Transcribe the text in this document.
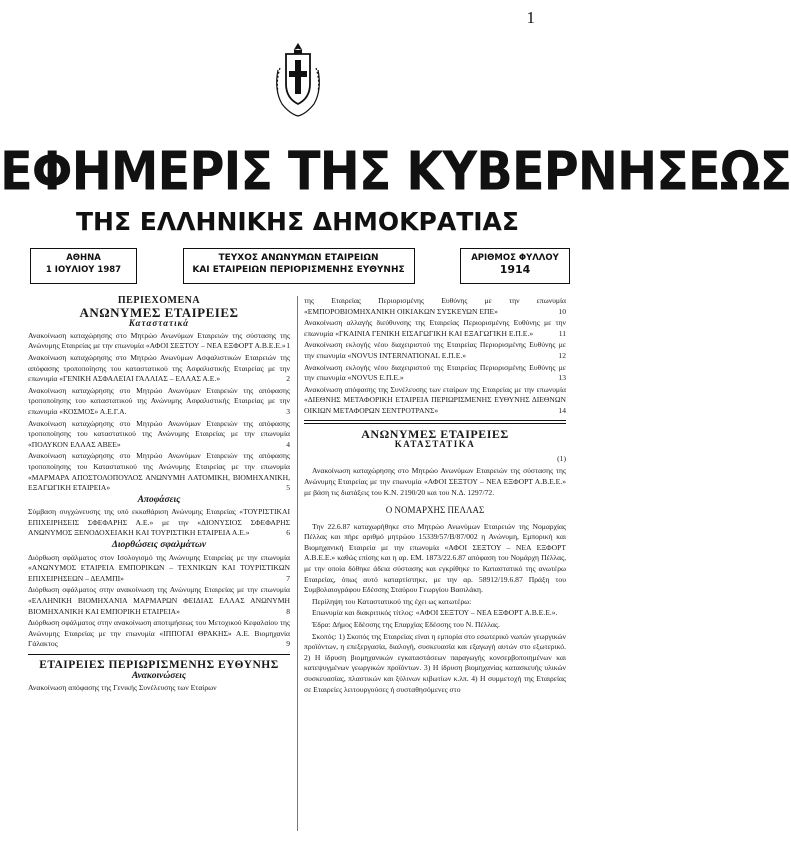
1
ΕΦΗΜΕΡΙΣ ΤΗΣ ΚΥΒΕΡΝΗΣΕΩΣ
ΤΗΣ ΕΛΛΗΝΙΚΗΣ ΔΗΜΟΚΡΑΤΙΑΣ
ΑΘΗΝΑ
1 ΙΟΥΛΙΟΥ 1987
ΤΕΥΧΟΣ ΑΝΩΝΥΜΩΝ ΕΤΑΙΡΕΙΩΝ
ΚΑΙ ΕΤΑΙΡΕΙΩΝ ΠΕΡΙΟΡΙΣΜΕΝΗΣ ΕΥΘΥΝΗΣ
ΑΡΙΘΜΟΣ ΦΥΛΛΟΥ
1914
ΠΕΡΙΕΧΟΜΕΝΑ
ΑΝΩΝΥΜΕΣ ΕΤΑΙΡΕΙΕΣ
Καταστατικά
Ανακοίνωση καταχώρησης στο Μητρώο Ανωνύμων Εταιρειών της σύστασης της Ανώνυμης Εταιρείας με την επωνυμία «ΑΦΟΙ ΣΕΞΤΟΥ – ΝΕΑ ΕΞΦΟΡΤ Α.Β.Ε.Ε.» 1
Ανακοίνωση καταχώρησης στο Μητρώο Ανωνύμων Ασφαλιστικών Εταιρειών της απόφασης τροποποίησης του καταστατικού της Ασφαλιστικής Εταιρείας με την επωνυμία «ΓΕΝΙΚΗ ΑΣΦΑΛΕΙΑΙ ΓΑΛΛΙΑΣ – ΕΛΛΑΣ Α.Ε.»	2
Ανακοίνωση καταχώρησης στο Μητρώο Ανωνύμων Εταιρειών της απόφασης τροποποίησης του καταστατικού της Ανώνυμης Ασφαλιστικής Εταιρείας με την επωνυμία «ΚΟΣΜΟΣ» Α.Ε.Γ.Α.	3
Ανακοίνωση καταχώρησης στο Μητρώο Ανωνύμων Εταιρειών της απόφασης τροποποίησης του καταστατικού της Ανώνυμης Εταιρείας με την επωνυμία «ΠΟΛΥΚΟΝ ΕΛΛΑΣ ΑΒΕΕ»	4
Ανακοίνωση καταχώρησης στο Μητρώο Ανωνύμων Εταιρειών της απόφασης τροποποίησης του Καταστατικού της Ανώνυμης Εταιρείας με την επωνυμία «ΜΑΡΜΑΡΑ ΑΠΟΣΤΟΛΟΠΟΥΛΟΣ ΑΝΩΝΥΜΗ ΛΑΤΟΜΙΚΗ, ΒΙΟΜΗΧΑΝΙΚΗ, ΕΞΑΓΩΓΙΚΗ ΕΤΑΙΡΕΙΑ»	5
Αποφάσεις
Σύμβαση συγχώνευσης της υπό εκκαθάριση Ανώνυμης Εταιρείας «ΤΟΥΡΙΣΤΙΚΑΙ ΕΠΙΧΕΙΡΗΣΕΙΣ ΣΦΕΦΑΡΗΣ Α.Ε.» με την «ΔΙΟΝΥΣΙΟΣ ΣΦΕΦΑΡΗΣ ΑΝΩΝΥΜΟΣ ΞΕΝΟΔΟΧΕΙΑΚΗ ΚΑΙ ΤΟΥΡΙΣΤΙΚΗ ΕΤΑΙΡΕΙΑ Α.Ε.»	6
Διορθώσεις σφαλμάτων
Διόρθωση σφάλματος στον Ισολογισμό της Ανώνυμης Εταιρείας με την επωνυμία «ΑΝΩΝΥΜΟΣ ΕΤΑΙΡΕΙΑ ΕΜΠΟΡΙΚΩΝ – ΤΕΧΝΙΚΩΝ ΚΑΙ ΤΟΥΡΙΣΤΙΚΩΝ ΕΠΙΧΕΙΡΗΣΕΩΝ – ΔΕΛΜΠΙ»	7
Διόρθωση σφάλματος στην ανακοίνωση της Ανώνυμης Εταιρείας με την επωνυμία «ΕΛΛΗΝΙΚΗ ΒΙΟΜΗΧΑΝΙΑ ΜΑΡΜΑΡΩΝ ΦΕΙΔΙΑΣ ΕΛΛΑΣ ΑΝΩΝΥΜΗ ΒΙΟΜΗΧΑΝΙΚΗ ΚΑΙ ΕΜΠΟΡΙΚΗ ΕΤΑΙΡΕΙΑ»	8
Διόρθωση σφάλματος στην ανακοίνωση αποτιμήσεως του Μετοχικού Κεφαλαίου της Ανώνυμης Εταιρείας με την επωνυμία «ΙΠΠΟΓΑΙ ΘΡΑΚΗΣ» Α.Ε. Βιομηχανία Γάλακτος	9
ΕΤΑΙΡΕΙΕΣ ΠΕΡΙΩΡΙΣΜΕΝΗΣ ΕΥΘΥΝΗΣ
Ανακοινώσεις
Ανακοίνωση απόφασης της Γενικής Συνέλευσης των Εταίρων
της Εταιρείας Περιορισμένης Ευθύνης με την επωνυμία «ΕΜΠΟΡΟΒΙΟΜΗΧΑΝΙΚΗ ΟΙΚΙΑΚΩΝ ΣΥΣΚΕΥΩΝ ΕΠΕ»	10
Ανακοίνωση αλλαγής διεύθυνσης της Εταιρείας Περιορισμένης Ευθύνης με την επωνυμία «ΓΚΑΙΝΙΑ ΓΕΝΙΚΗ ΕΙΣΑΓΩΓΙΚΗ ΚΑΙ ΕΞΑΓΩΓΙΚΗ Ε.Π.Ε.»	11
Ανακοίνωση εκλογής νέου διαχειριστού της Εταιρείας Περιορισμένης Ευθύνης με την επωνυμία «NOVUS INTERNATIONAL Ε.Π.Ε.»	12
Ανακοίνωση εκλογής νέου διαχειριστού της Εταιρείας Περιορισμένης Ευθύνης με την επωνυμία «NOVUS Ε.Π.Ε.»	13
Ανακοίνωση απόφασης της Συνέλευσης των εταίρων της Εταιρείας με την επωνυμία «ΔΙΕΘΝΗΣ ΜΕΤΑΦΟΡΙΚΗ ΕΤΑΙΡΕΙΑ ΠΕΡΙΩΡΙΣΜΕΝΗΣ ΕΥΘΥΝΗΣ ΔΙΕΘΝΩΝ ΟΙΚΙΩΝ ΜΕΤΑΦΟΡΩΝ ΣΕΝΤΡΟΤΡΑΝΣ»	14
ΑΝΩΝΥΜΕΣ ΕΤΑΙΡΕΙΕΣ
ΚΑΤΑΣΤΑΤΙΚΑ
(1)
Ανακοίνωση καταχώρησης στο Μητρώο Ανωνύμων Εταιρειών της σύστασης της Ανώνυμης Εταιρείας με την επωνυμία «ΑΦΟΙ ΣΕΞΤΟΥ – ΝΕΑ ΕΞΦΟΡΤ Α.Β.Ε.Ε.» με βάση τις διατάξεις του Κ.Ν. 2190/20 και του Ν.Δ. 1297/72.
Ο ΝΟΜΑΡΧΗΣ ΠΕΛΛΑΣ
Την 22.6.87 καταχωρήθηκε στο Μητρώο Ανωνύμων Εταιρειών της Νομαρχίας Πέλλας και πήρε αριθμό μητρώου 15339/57/Β/87/002 η Ανώνυμη, Εμπορική και Βιομηχανική Εταιρεία με την επωνυμία «ΑΦΟΙ ΣΕΞΤΟΥ – ΝΕΑ ΕΞΦΟΡΤ Α.Β.Ε.Ε.» καθώς επίσης και η αρ. ΕΜ. 1873/22.6.87 απόφαση του Νομάρχη Πέλλας, με την οποία δόθηκε άδεια σύστασης και εγκρίθηκε το Καταστατικό της ανωτέρω Εταιρείας, όπως αυτό καταρτίστηκε, με την αρ. 58912/19.6.87 Πράξη του Συμβολαιογράφου Εδέσσης Σταύρου Γεωργίου Βασιλάκη.
Περίληψη του Καταστατικού της έχει ως κατωτέρω:
Επωνυμία και διακριτικός τίτλος: «ΑΦΟΙ ΣΕΞΤΟΥ – ΝΕΑ ΕΞΦΟΡΤ Α.Β.Ε.Ε.».
Έδρα: Δήμος Εδέσσης της Επαρχίας Εδέσσης του Ν. Πέλλας.
Σκοπός: 1) Σκοπός της Εταιρείας είναι η εμπορία στο εσωτερικό νωπών γεωργικών προϊόντων, η επεξεργασία, διαλογή, συσκευασία και εξαγωγή αυτών στο εξωτερικό. 2) Η ίδρυση βιομηχανικών εγκαταστάσεων παραγωγής κονσερβοποιημένων και κατεψυγμένων γεωργικών προϊόντων. 3) Η ίδρυση βιομηχανίας κατασκευής υλικών συσκευασίας, πλαστικών και ξύλινων κιβωτίων κ.λπ. 4) Η συμμετοχή της Εταιρείας σε Εταιρείες λειτουργούσες ή συσταθησόμενες στο
